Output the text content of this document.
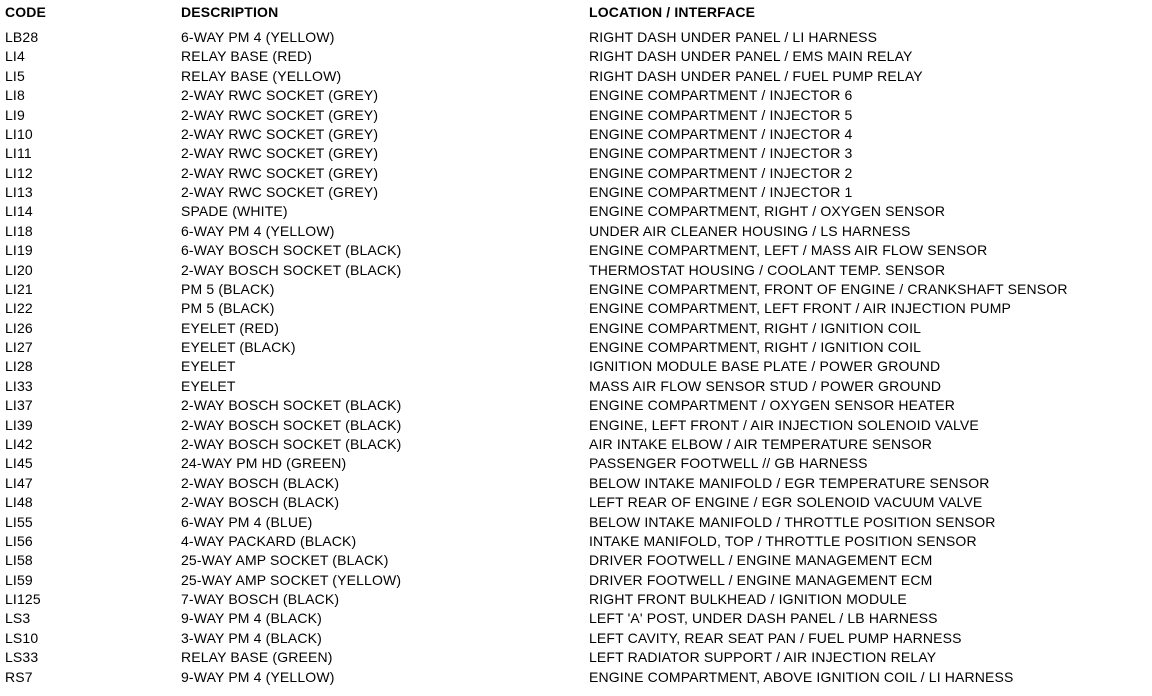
CODE	DESCRIPTION	LOCATION / INTERFACE
LB28	6-WAY PM 4 (YELLOW)	RIGHT DASH UNDER PANEL / LI HARNESS
LI4	RELAY BASE (RED)	RIGHT DASH UNDER PANEL / EMS MAIN RELAY
LI5	RELAY BASE (YELLOW)	RIGHT DASH UNDER PANEL / FUEL PUMP RELAY
LI8	2-WAY RWC SOCKET (GREY)	ENGINE COMPARTMENT / INJECTOR 6
LI9	2-WAY RWC SOCKET (GREY)	ENGINE COMPARTMENT / INJECTOR 5
LI10	2-WAY RWC SOCKET (GREY)	ENGINE COMPARTMENT / INJECTOR 4
LI11	2-WAY RWC SOCKET (GREY)	ENGINE COMPARTMENT / INJECTOR 3
LI12	2-WAY RWC SOCKET (GREY)	ENGINE COMPARTMENT / INJECTOR 2
LI13	2-WAY RWC SOCKET (GREY)	ENGINE COMPARTMENT / INJECTOR 1
LI14	SPADE (WHITE)	ENGINE COMPARTMENT, RIGHT / OXYGEN SENSOR
LI18	6-WAY PM 4 (YELLOW)	UNDER AIR CLEANER HOUSING / LS HARNESS
LI19	6-WAY BOSCH SOCKET (BLACK)	ENGINE COMPARTMENT, LEFT / MASS AIR FLOW SENSOR
LI20	2-WAY BOSCH SOCKET (BLACK)	THERMOSTAT HOUSING / COOLANT TEMP. SENSOR
LI21	PM 5 (BLACK)	ENGINE COMPARTMENT, FRONT OF ENGINE / CRANKSHAFT SENSOR
LI22	PM 5 (BLACK)	ENGINE COMPARTMENT, LEFT FRONT / AIR INJECTION PUMP
LI26	EYELET (RED)	ENGINE COMPARTMENT, RIGHT / IGNITION COIL
LI27	EYELET (BLACK)	ENGINE COMPARTMENT, RIGHT / IGNITION COIL
LI28	EYELET	IGNITION MODULE BASE PLATE / POWER GROUND
LI33	EYELET	MASS AIR FLOW SENSOR STUD / POWER GROUND
LI37	2-WAY BOSCH SOCKET (BLACK)	ENGINE COMPARTMENT / OXYGEN SENSOR HEATER
LI39	2-WAY BOSCH SOCKET (BLACK)	ENGINE, LEFT FRONT / AIR INJECTION SOLENOID VALVE
LI42	2-WAY BOSCH SOCKET (BLACK)	AIR INTAKE ELBOW / AIR TEMPERATURE SENSOR
LI45	24-WAY PM HD (GREEN)	PASSENGER FOOTWELL // GB HARNESS
LI47	2-WAY BOSCH (BLACK)	BELOW INTAKE MANIFOLD / EGR TEMPERATURE SENSOR
LI48	2-WAY BOSCH (BLACK)	LEFT REAR OF ENGINE / EGR SOLENOID VACUUM VALVE
LI55	6-WAY PM 4 (BLUE)	BELOW INTAKE MANIFOLD / THROTTLE POSITION SENSOR
LI56	4-WAY PACKARD (BLACK)	INTAKE MANIFOLD, TOP / THROTTLE POSITION SENSOR
LI58	25-WAY AMP SOCKET (BLACK)	DRIVER FOOTWELL / ENGINE MANAGEMENT ECM
LI59	25-WAY AMP SOCKET (YELLOW)	DRIVER FOOTWELL / ENGINE MANAGEMENT ECM
LI125	7-WAY BOSCH (BLACK)	RIGHT FRONT BULKHEAD / IGNITION MODULE
LS3	9-WAY PM 4 (BLACK)	LEFT 'A' POST, UNDER DASH PANEL / LB HARNESS
LS10	3-WAY PM 4 (BLACK)	LEFT CAVITY, REAR SEAT PAN / FUEL PUMP HARNESS
LS33	RELAY BASE (GREEN)	LEFT RADIATOR SUPPORT / AIR INJECTION RELAY
RS7	9-WAY PM 4 (YELLOW)	ENGINE COMPARTMENT, ABOVE IGNITION COIL / LI HARNESS
